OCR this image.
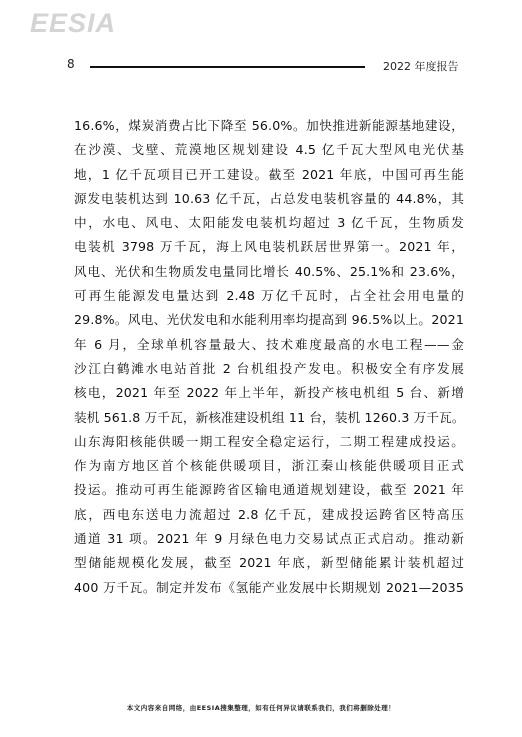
EESIA
8	2022 年度报告
16.6%，煤炭消费占比下降至 56.0%。加快推进新能源基地建设，
在沙漠、戈壁、荒漠地区规划建设 4.5 亿千瓦大型风电光伏基
地，1 亿千瓦项目已开工建设。截至 2021 年底，中国可再生能
源发电装机达到 10.63 亿千瓦，占总发电装机容量的 44.8%，其
中，水电、风电、太阳能发电装机均超过 3 亿千瓦，生物质发
电装机 3798 万千瓦，海上风电装机跃居世界第一。2021 年，
风电、光伏和生物质发电量同比增长 40.5%、25.1%和 23.6%，
可再生能源发电量达到 2.48 万亿千瓦时，占全社会用电量的
29.8%。风电、光伏发电和水能利用率均提高到 96.5%以上。2021
年 6 月，全球单机容量最大、技术难度最高的水电工程——金
沙江白鹤滩水电站首批 2 台机组投产发电。积极安全有序发展
核电，2021 年至 2022 年上半年，新投产核电机组 5 台、新增
装机 561.8 万千瓦，新核准建设机组 11 台，装机 1260.3 万千瓦。
山东海阳核能供暖一期工程安全稳定运行，二期工程建成投运。
作为南方地区首个核能供暖项目，浙江秦山核能供暖项目正式
投运。推动可再生能源跨省区输电通道规划建设，截至 2021 年
底，西电东送电力流超过 2.8 亿千瓦，建成投运跨省区特高压
通道 31 项。2021 年 9 月绿色电力交易试点正式启动。推动新
型储能规模化发展，截至 2021 年底，新型储能累计装机超过
400 万千瓦。制定并发布《氢能产业发展中长期规划 2021—2035
本文内容来自网络，由EESIA搜集整理，如有任何异议请联系我们，我们将删除处理！
